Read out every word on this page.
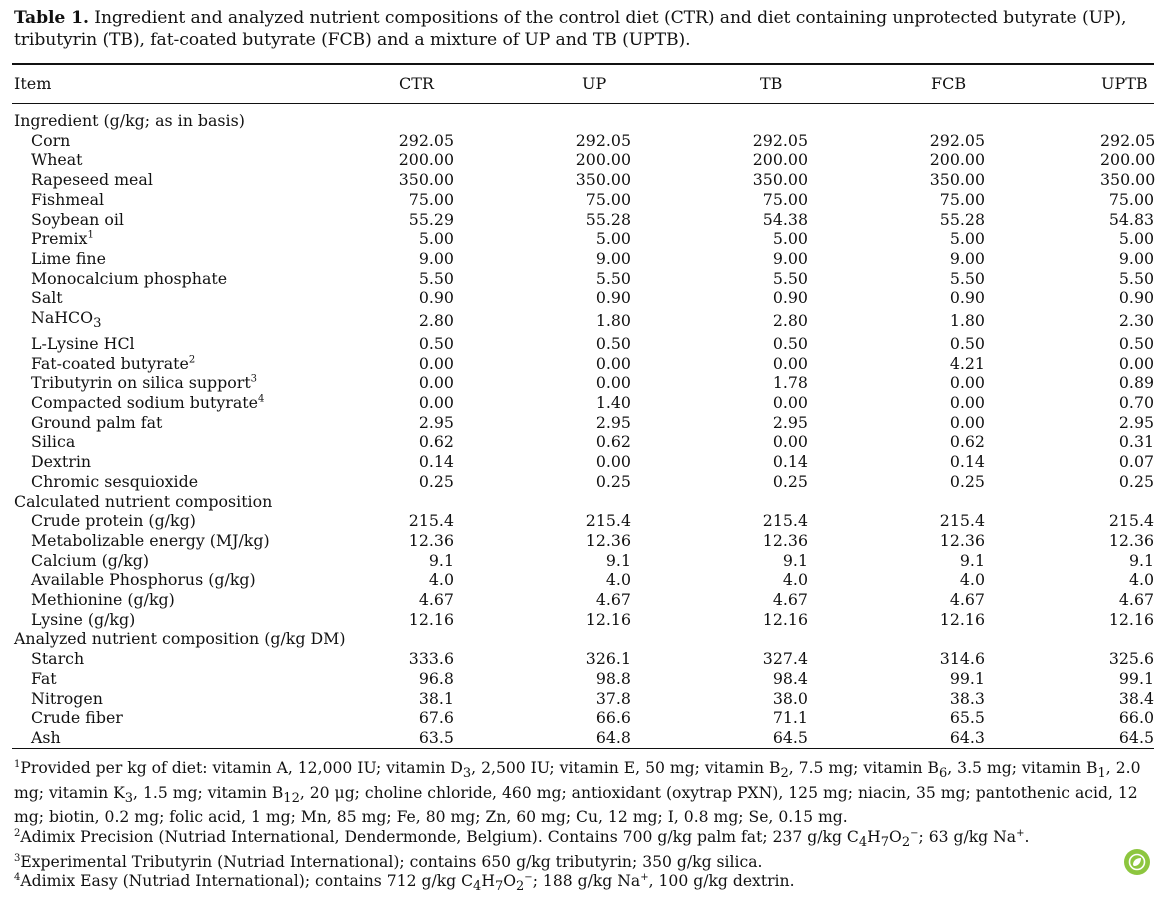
Table 1. Ingredient and analyzed nutrient compositions of the control diet (CTR) and diet containing unprotected butyrate (UP), tributyrin (TB), fat-coated butyrate (FCB) and a mixture of UP and TB (UPTB).
Item	CTR	UP	TB	FCB	UPTB
Ingredient (g/kg; as in basis)									
Corn	292.05		292.05		292.05		292.05		292.05
Wheat	200.00		200.00		200.00		200.00		200.00
Rapeseed meal	350.00		350.00		350.00		350.00		350.00
Fishmeal	75.00		75.00		75.00		75.00		75.00
Soybean oil	55.29		55.28		54.38		55.28		54.83
Premix$^1$	5.00		5.00		5.00		5.00		5.00
Lime fine	9.00		9.00		9.00		9.00		9.00
Monocalcium phosphate	5.50		5.50		5.50		5.50		5.50
Salt	0.90		0.90		0.90		0.90		0.90
NaHCO$_3$	2.80		1.80		2.80		1.80		2.30
L-Lysine HCl	0.50		0.50		0.50		0.50		0.50
Fat-coated butyrate$^2$	0.00		0.00		0.00		4.21		0.00
Tributyrin on silica support$^3$	0.00		0.00		1.78		0.00		0.89
Compacted sodium butyrate$^4$	0.00		1.40		0.00		0.00		0.70
Ground palm fat	2.95		2.95		2.95		0.00		2.95
Silica	0.62		0.62		0.00		0.62		0.31
Dextrin	0.14		0.00		0.14		0.14		0.07
Chromic sesquioxide	0.25		0.25		0.25		0.25		0.25
Calculated nutrient composition									
Crude protein (g/kg)	215.4		215.4		215.4		215.4		215.4
Metabolizable energy (MJ/kg)	12.36		12.36		12.36		12.36		12.36
Calcium (g/kg)	9.1		9.1		9.1		9.1		9.1
Available Phosphorus (g/kg)	4.0		4.0		4.0		4.0		4.0
Methionine (g/kg)	4.67		4.67		4.67		4.67		4.67
Lysine (g/kg)	12.16		12.16		12.16		12.16		12.16
Analyzed nutrient composition (g/kg DM)									
Starch	333.6		326.1		327.4		314.6		325.6
Fat	96.8		98.8		98.4		99.1		99.1
Nitrogen	38.1		37.8		38.0		38.3		38.4
Crude fiber	67.6		66.6		71.1		65.5		66.0
Ash	63.5		64.8		64.5		64.3		64.5

$^1$Provided per kg of diet: vitamin A, 12,000 IU; vitamin $D_3$, 2,500 IU; vitamin E, 50 mg; vitamin $B_2$, 7.5 mg; vitamin $B_6$, 3.5 mg; vitamin $B_1$, 2.0 mg; vitamin $K_3$, 1.5 mg; vitamin $B_{12}$, 20 μg; choline chloride, 460 mg; antioxidant (oxytrap PXN), 125 mg; niacin, 35 mg; pantothenic acid, 12 mg; biotin, 0.2 mg; folic acid, 1 mg; Mn, 85 mg; Fe, 80 mg; Zn, 60 mg; Cu, 12 mg; I, 0.8 mg; Se, 0.15 mg.

$^2$Adimix Precision (Nutriad International, Dendermonde, Belgium). Contains 700 g/kg palm fat; 237 g/kg $C_4H_7O_2^-$; 63 g/kg Na+.

$^3$Experimental Tributyrin (Nutriad International); contains 650 g/kg tributyrin; 350 g/kg silica.

$^4$Adimix Easy (Nutriad International); contains 712 g/kg $C_4H_7O_2^-$; 188 g/kg Na+, 100 g/kg dextrin.
